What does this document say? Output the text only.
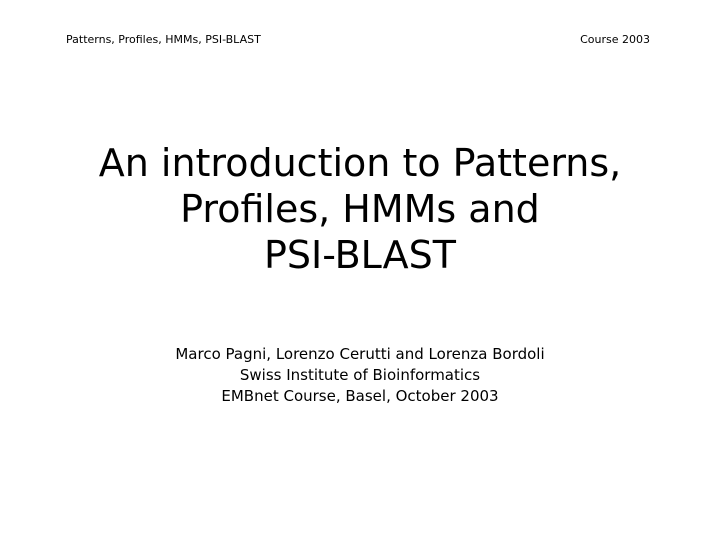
Patterns, Profiles, HMMs, PSI-BLAST	Course 2003
An introduction to Patterns,
Profiles, HMMs and
PSI-BLAST
Marco Pagni, Lorenzo Cerutti and Lorenza Bordoli
Swiss Institute of Bioinformatics
EMBnet Course, Basel, October 2003
